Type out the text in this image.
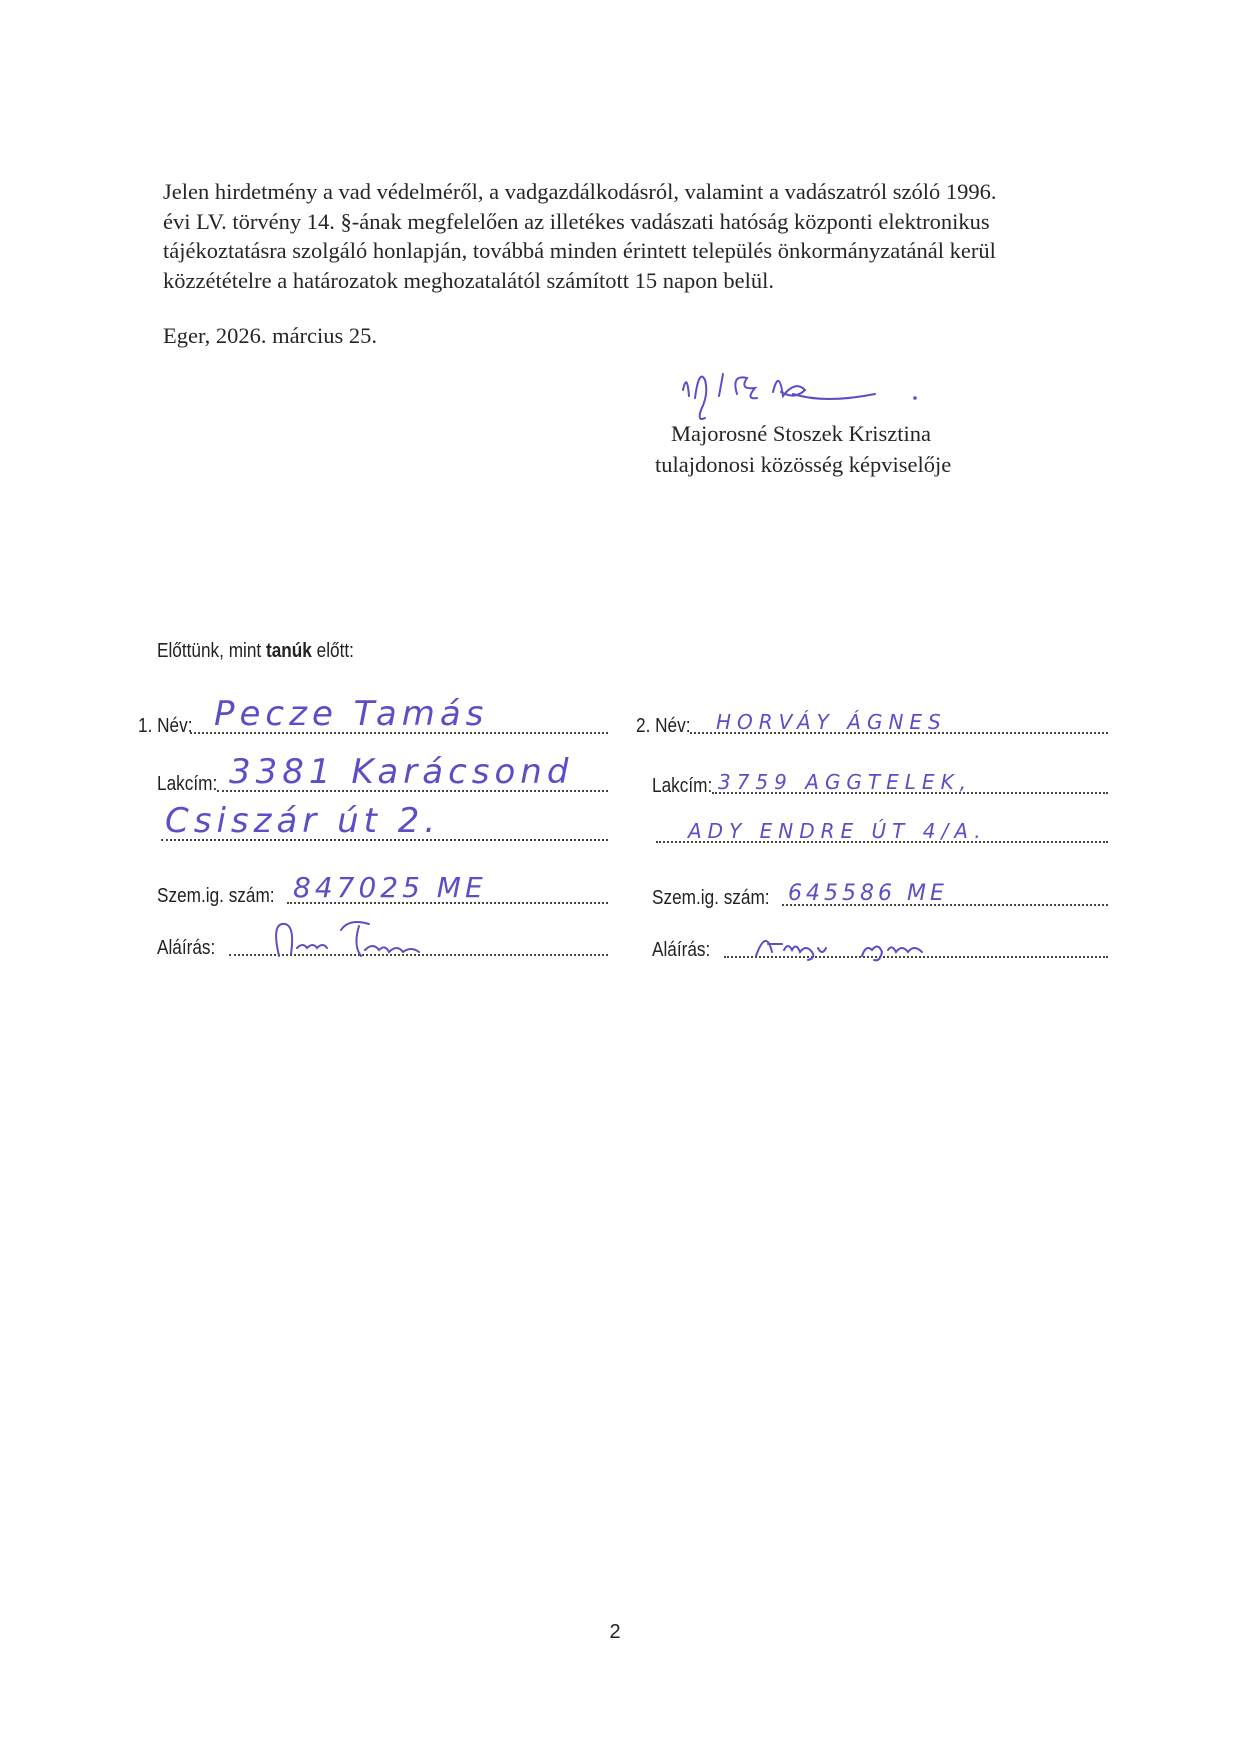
Jelen hirdetmény a vad védelméről, a vadgazdálkodásról, valamint a vadászatról szóló 1996.
évi LV. törvény 14. §-ának megfelelően az illetékes vadászati hatóság központi elektronikus
tájékoztatásra szolgáló honlapján, továbbá minden érintett település önkormányzatánál kerül
közzétételre a határozatok meghozatalától számított 15 napon belül.

Eger, 2026. március 25.

Majorosné Stoszek Krisztina
tulajdonosi közösség képviselője
Előttünk, mint tanúk előtt:
1. Név: Pecze Tamás
Lakcím: 3381 Karácsond
Csiszár út 2.
Szem.ig. szám: 847025 ME
Aláírás:
2. Név: HORVÁY ÁGNES
Lakcím: 3759 AGGTELEK,
ADY ENDRE ÚT 4/A.
Szem.ig. szám: 645586 ME
Aláírás:
2
